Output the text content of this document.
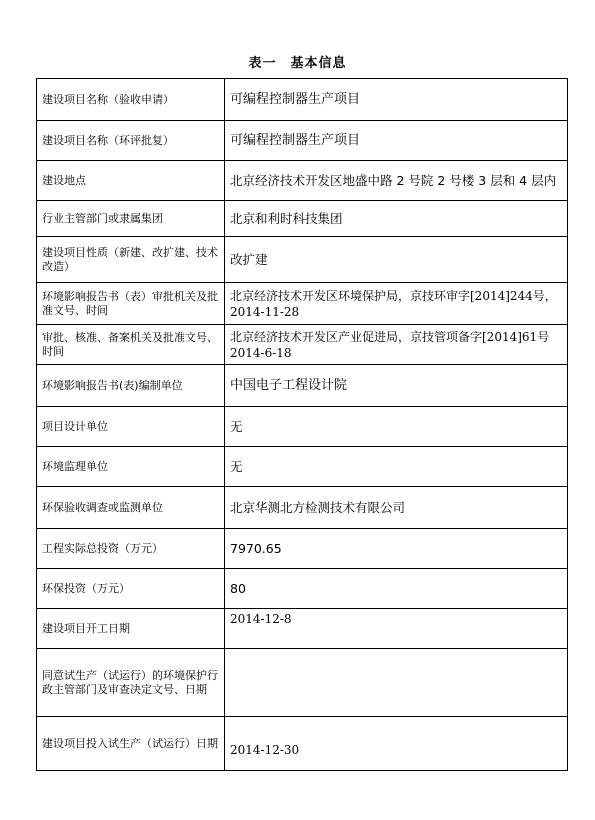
表一　基本信息
建设项目名称（验收申请）	可编程控制器生产项目
建设项目名称（环评批复）	可编程控制器生产项目
建设地点	北京经济技术开发区地盛中路 2 号院 2 号楼 3 层和 4 层内
行业主管部门或隶属集团	北京和利时科技集团
建设项目性质（新建、改扩建、技术改造）	改扩建
环境影响报告书（表）审批机关及批准文号、时间	北京经济技术开发区环境保护局，京技环审字[2014]244号，2014-11-28
审批、核准、备案机关及批准文号、时间	北京经济技术开发区产业促进局，京技管项备字[2014]61号　2014-6-18
环境影响报告书(表)编制单位	中国电子工程设计院
项目设计单位	无
环境监理单位	无
环保验收调查或监测单位	北京华测北方检测技术有限公司
工程实际总投资（万元）	7970.65
环保投资（万元）	80
建设项目开工日期	2014-12-8
同意试生产（试运行）的环境保护行政主管部门及审查决定文号、日期	
建设项目投入试生产（试运行）日期	2014-12-30
